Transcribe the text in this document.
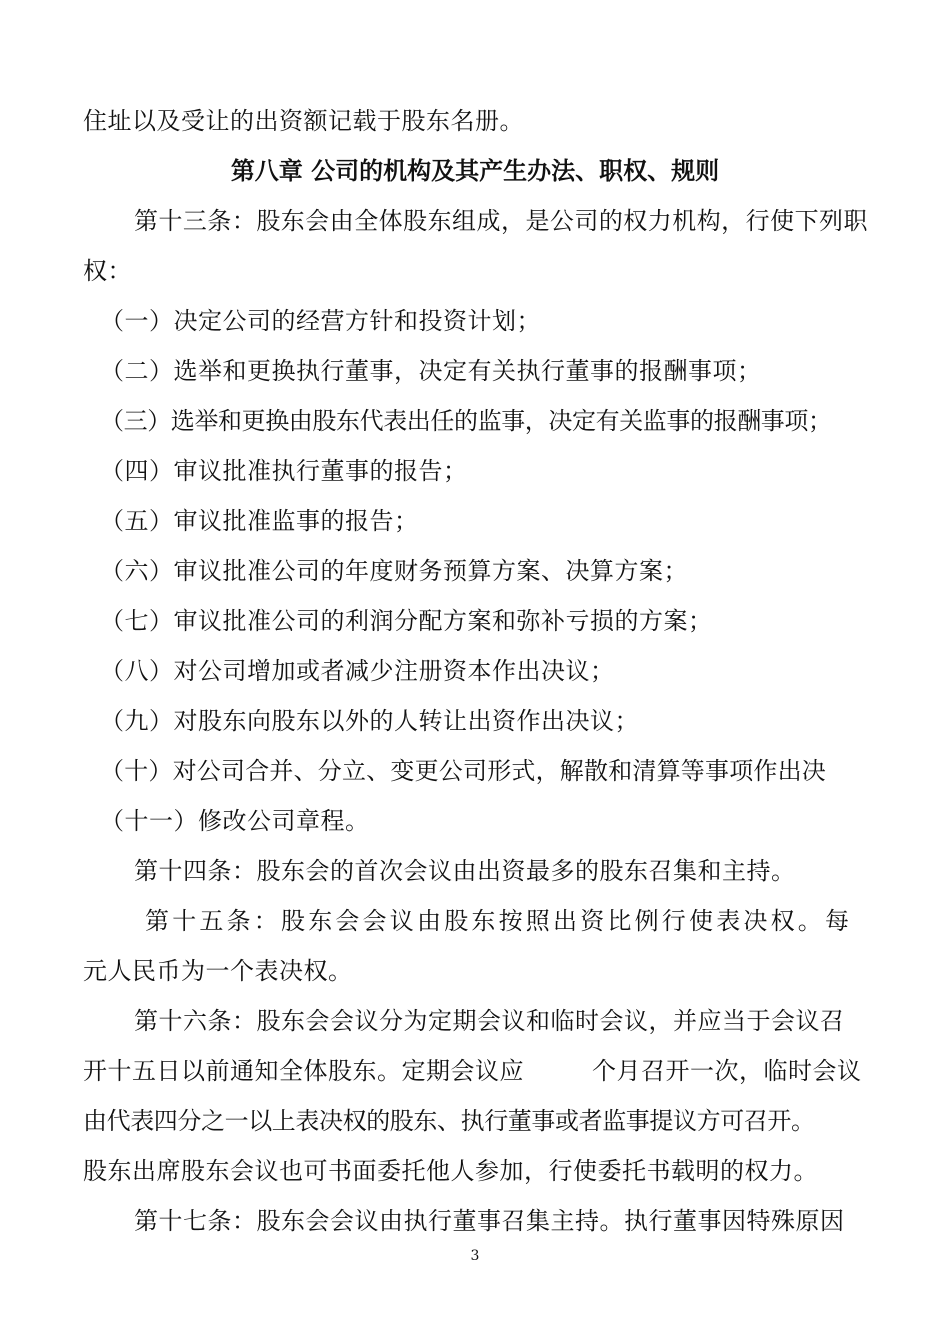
住址以及受让的出资额记载于股东名册。
第八章 公司的机构及其产生办法、职权、规则
第十三条：股东会由全体股东组成，是公司的权力机构，行使下列职
权：
（一）决定公司的经营方针和投资计划；
（二）选举和更换执行董事，决定有关执行董事的报酬事项；
（三）选举和更换由股东代表出任的监事，决定有关监事的报酬事项；
（四）审议批准执行董事的报告；
（五）审议批准监事的报告；
（六）审议批准公司的年度财务预算方案、决算方案；
（七）审议批准公司的利润分配方案和弥补亏损的方案；
（八）对公司增加或者减少注册资本作出决议；
（九）对股东向股东以外的人转让出资作出决议；
（十）对公司合并、分立、变更公司形式，解散和清算等事项作出决
（十一）修改公司章程。
第十四条：股东会的首次会议由出资最多的股东召集和主持。
第十五条：股东会会议由股东按照出资比例行使表决权。每
元人民币为一个表决权。
第十六条：股东会会议分为定期会议和临时会议，并应当于会议召
开十五日以前通知全体股东。定期会议应	个月召开一次，临时会议
由代表四分之一以上表决权的股东、执行董事或者监事提议方可召开。
股东出席股东会议也可书面委托他人参加，行使委托书载明的权力。
第十七条：股东会会议由执行董事召集主持。执行董事因特殊原因
3
